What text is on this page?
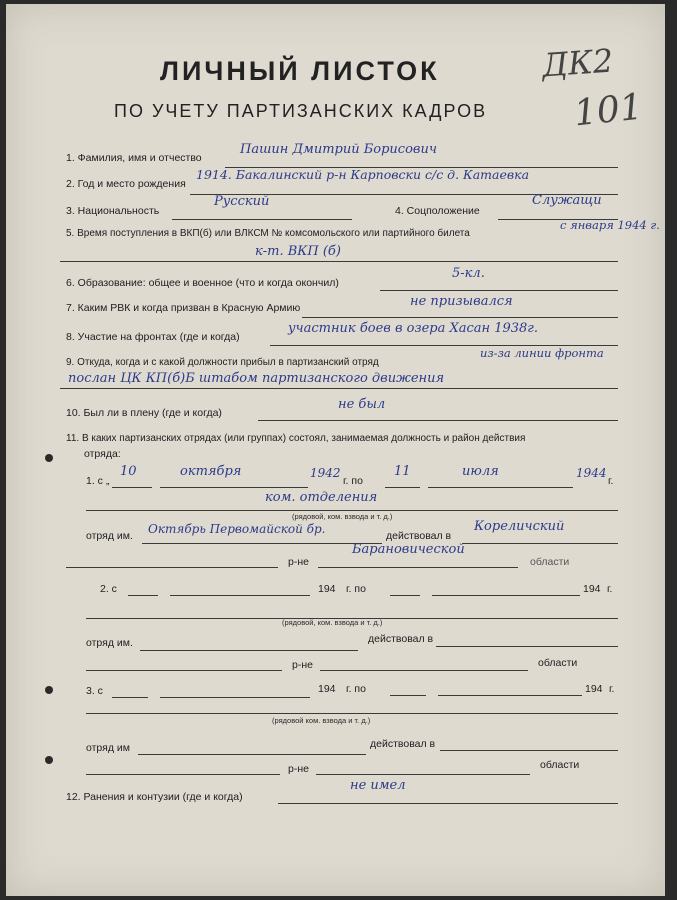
ЛИЧНЫЙ ЛИСТОК
ПО УЧЕТУ ПАРТИЗАНСКИХ КАДРОВ
ДК2
101
1. Фамилия, имя и отчество
Пашин Дмитрий Борисович
2. Год и место рождения
1914. Бакалинский р-н Карповски с/с д. Катаевка
3. Национальность
Русский
4. Соцположение
Служащи
5. Время поступления в ВКП(б) или ВЛКСМ № комсомольского или партийного билета
с января 1944 г.
к-т. ВКП (б)
6. Образование: общее и военное (что и когда окончил)
5-кл.
7. Каким РВК и когда призван в Красную Армию	не призывался
8. Участие на фронтах (где и когда)
участник боев в озера Хасан 1938г.
9. Откуда, когда и с какой должности прибыл в партизанский отряд
из-за линии фронта
послан ЦК КП(б)Б штабом партизанского движения
10. Был ли в плену (где и когда)
не был
11. В каких партизанских отрядах (или группах) состоял, занимаемая должность и район действия
отряда:
1. с „
10	октября	1942
г. по
11	июля	1944
г.
ком. отделения
(рядовой, ком. взвода и т. д.)
отряд им. Октябрь Первомайской бр.	действовал в
Кореличский
р-не
Барановической
области
2. с	194 г. по	194 г.
(рядовой, ком. взвода и т. д.)
отряд им.	действовал в
р-не	области
3. с	194 г. по	194 г.
(рядовой ком. взвода и т. д.)
отряд им	действовал в
р-не	области
12. Ранения и контузии (где и когда)
не имел
